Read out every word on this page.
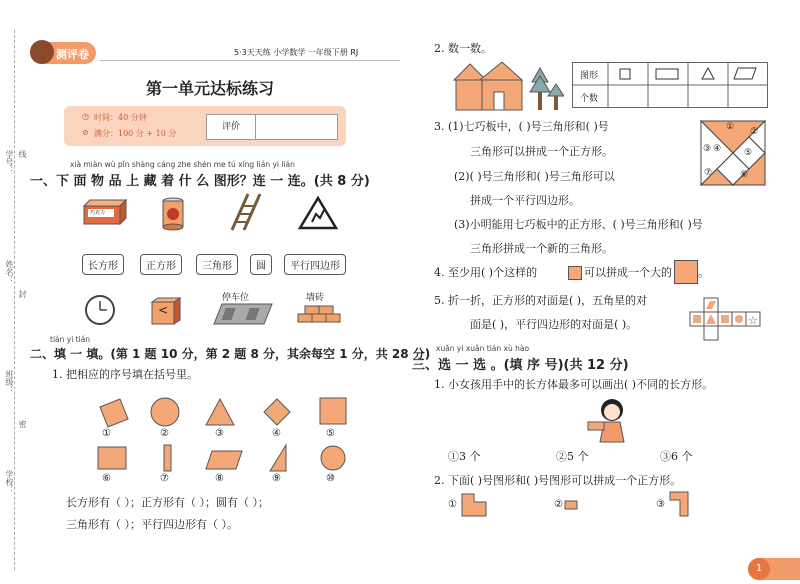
学校：
班级：
姓名：
学号： 线
封
密
测评卷	5·3天天练 小学数学 一年级下册 RJ
第一单元达标练习
◷ 时间：40 分钟
⊘ 满分：100 分 + 10 分
评价
xià miàn wù pǐn shàng cáng zhe shén me tú xíng lián yi lián
一、下 面 物 品 上 藏 着 什 么 图形？连 一 连。(共 8 分)
巧克力
长方形	正方形	三角形	圆	平行四边形
<
停车位	墙砖
tián yi tián
二、填 一 填。(第 1 题 10 分，第 2 题 8 分，其余每空 1 分，共 28 分)
1. 把相应的序号填在括号里。
①	②	③	④	⑤
⑥	⑦	⑧	⑨	⑩
长方形有（ ）；正方形有（ ）；圆有（ ）；
三角形有（ ）；平行四边形有（ ）。
2. 数一数。
图形
个数
3. (1)七巧板中，( )号三角形和( )号
三角形可以拼成一个正方形。
(2)( )号三角形和( )号三角形可以
拼成一个平行四边形。
(3)小明能用七巧板中的正方形、( )号三角形和( )号
三角形拼成一个新的三角形。
① ②
③ ④	⑤
⑦	⑥
4. 至少用( )个这样的	可以拼成一个大的 。
5. 折一折，正方形的对面是( )，五角星的对
面是( )，平行四边形的对面是( )。	☆
xuǎn yi xuǎn tián xù hào
三、选 一 选 。(填 序 号)(共 12 分)
1. 小女孩用手中的长方体最多可以画出( )不同的长方形。
①3 个	②5 个	③6 个
2. 下面( )号图形和( )号图形可以拼成一个正方形。
①	②	③
1
